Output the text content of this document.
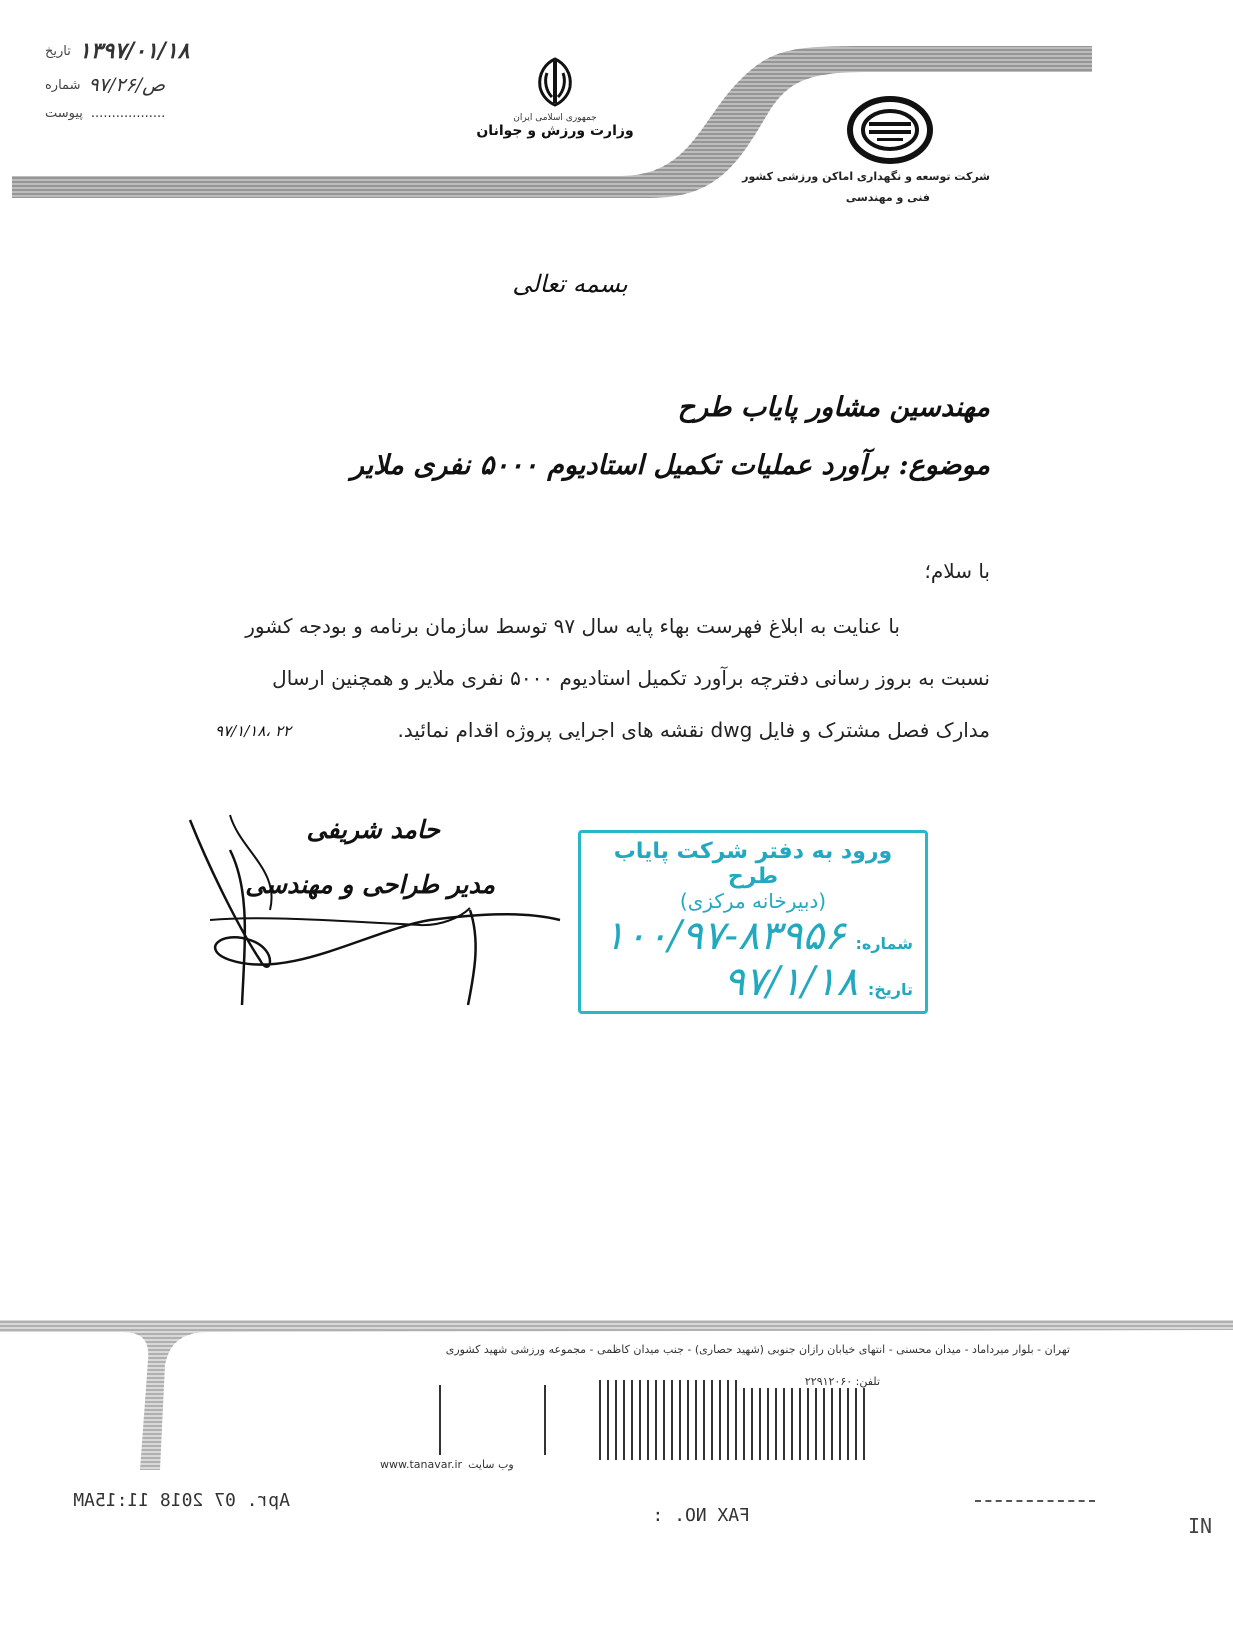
۱۳۹۷/۰۱/۱۸
تاریخ
ص/۹۷/۲۶
شماره
..................
پیوست	جمهوری اسلامی ایران
وزارت ورزش و جوانان
شرکت توسعه و نگهداری اماکن ورزشی کشور
فنی و مهندسی
بسمه تعالی
مهندسین مشاور پایاب طرح
موضوع: برآورد عملیات تکمیل استادیوم ۵۰۰۰ نفری ملایر
با سلام؛
با عنایت به ابلاغ فهرست بهاء پایه سال ۹۷ توسط سازمان برنامه و بودجه کشور
نسبت به بروز رسانی دفترچه برآورد تکمیل استادیوم ۵۰۰۰ نفری ملایر و همچنین ارسال
مدارک فصل مشترک و فایل dwg نقشه های اجرایی پروژه اقدام نمائید.
۹۷/۱/۱۸، ۲۲
حامد شریفی
مدیر طراحی و مهندسی
ورود به دفتر شرکت پایاب طرح
(دبیرخانه مرکزی)
شماره:
۱۰۰/۹۷-۸۳۹۵۶
تاریخ:
۹۷/۱/۱۸
تهران - بلوار میرداماد - میدان محسنی - انتهای خیابان رازان جنوبی (شهید حصاری) - جنب میدان کاظمی - مجموعه ورزشی شهید کشوری
تلفن: ۲۲۹۱۲۰۶۰
www.tanavar.ir وب سایت
Apr. 07 2018 11:15AM
FAX NO. :	IN
